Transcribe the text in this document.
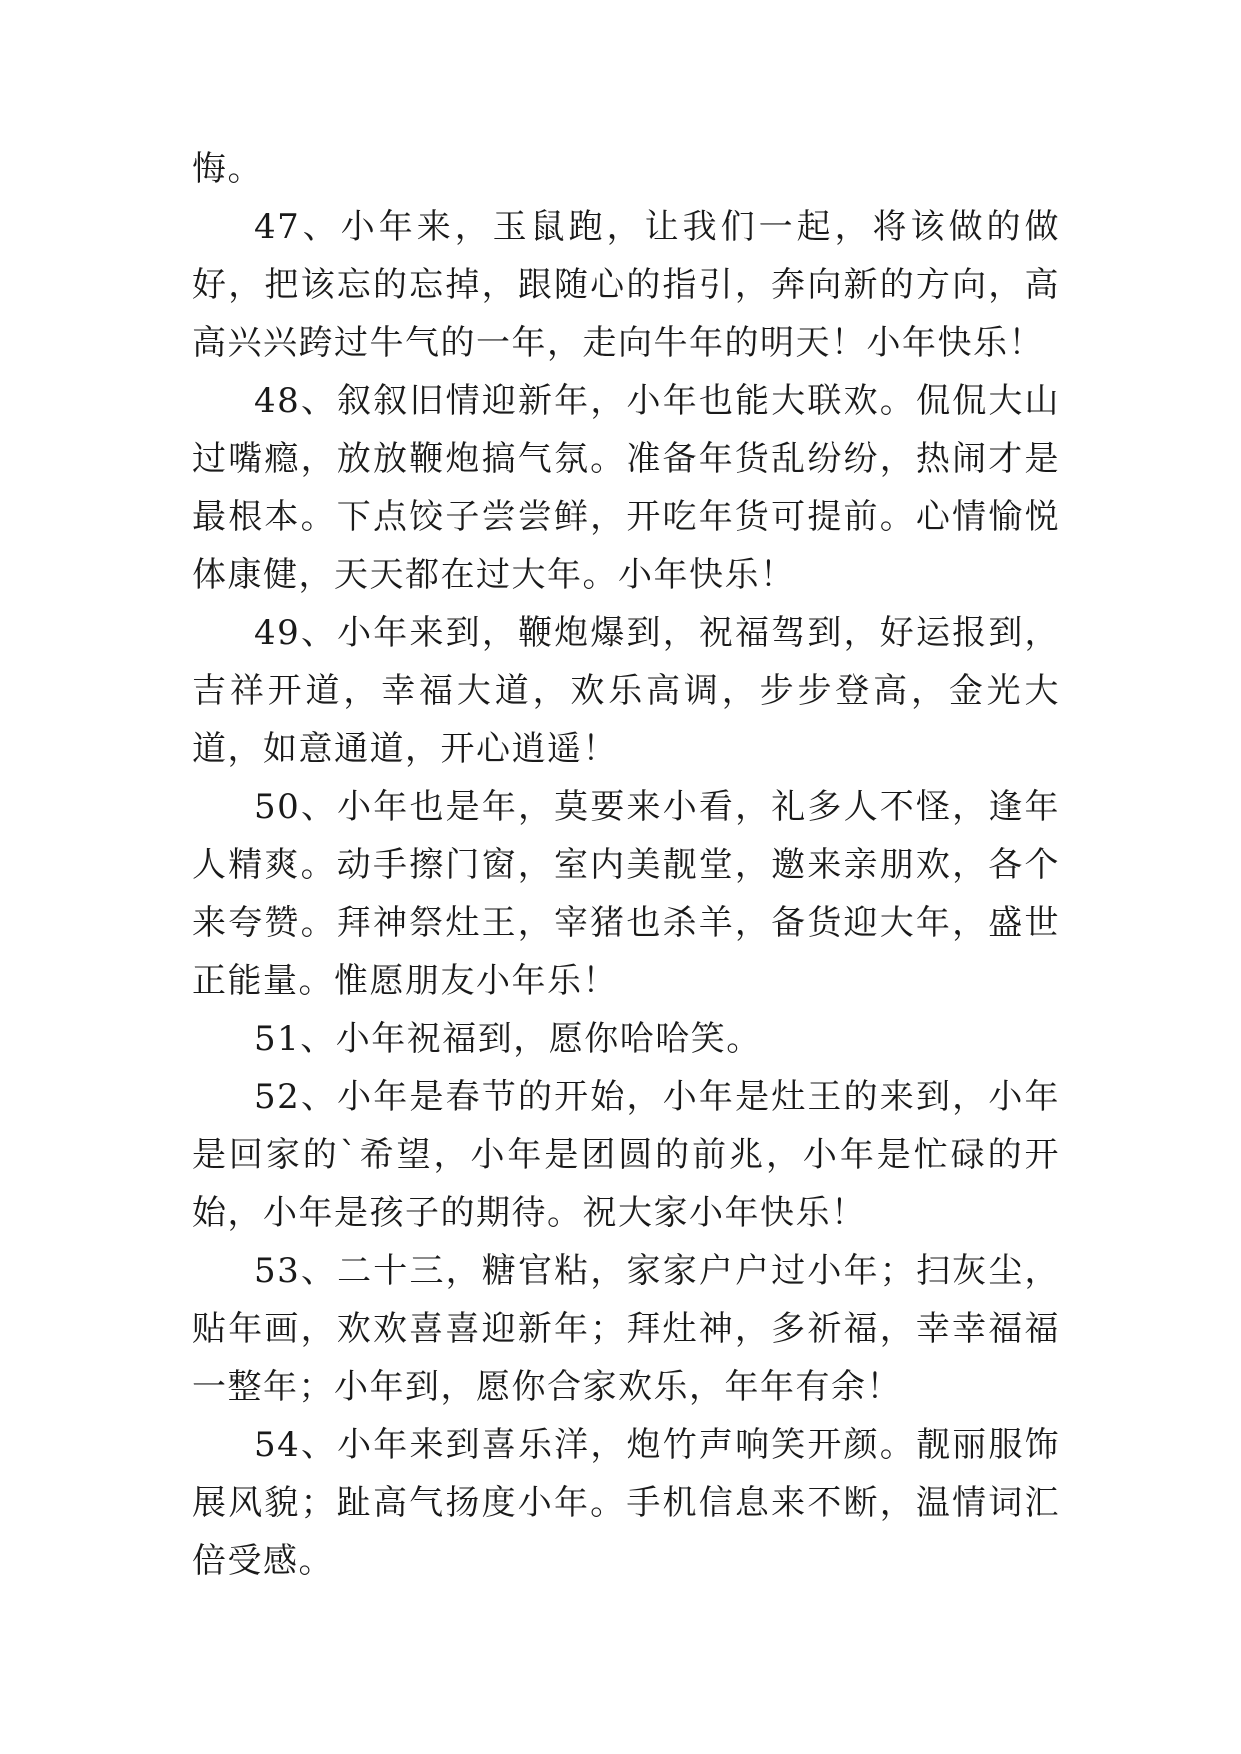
悔。

47、小年来，玉鼠跑，让我们一起，将该做的做好，把该忘的忘掉，跟随心的指引，奔向新的方向，高高兴兴跨过牛气的一年，走向牛年的明天！小年快乐！

48、叙叙旧情迎新年，小年也能大联欢。侃侃大山过嘴瘾，放放鞭炮搞气氛。准备年货乱纷纷，热闹才是最根本。下点饺子尝尝鲜，开吃年货可提前。心情愉悦体康健，天天都在过大年。小年快乐！

49、小年来到，鞭炮爆到，祝福驾到，好运报到，吉祥开道，幸福大道，欢乐高调，步步登高，金光大道，如意通道，开心逍遥！

50、小年也是年，莫要来小看，礼多人不怪，逢年人精爽。动手擦门窗，室内美靓堂，邀来亲朋欢，各个来夸赞。拜神祭灶王，宰猪也杀羊，备货迎大年，盛世正能量。惟愿朋友小年乐！

51、小年祝福到，愿你哈哈笑。

52、小年是春节的开始，小年是灶王的来到，小年是回家的`希望，小年是团圆的前兆，小年是忙碌的开始，小年是孩子的期待。祝大家小年快乐！

53、二十三，糖官粘，家家户户过小年；扫灰尘，贴年画，欢欢喜喜迎新年；拜灶神，多祈福，幸幸福福一整年；小年到，愿你合家欢乐，年年有余！

54、小年来到喜乐洋，炮竹声响笑开颜。靓丽服饰展风貌；趾高气扬度小年。手机信息来不断，温情词汇倍受感。
